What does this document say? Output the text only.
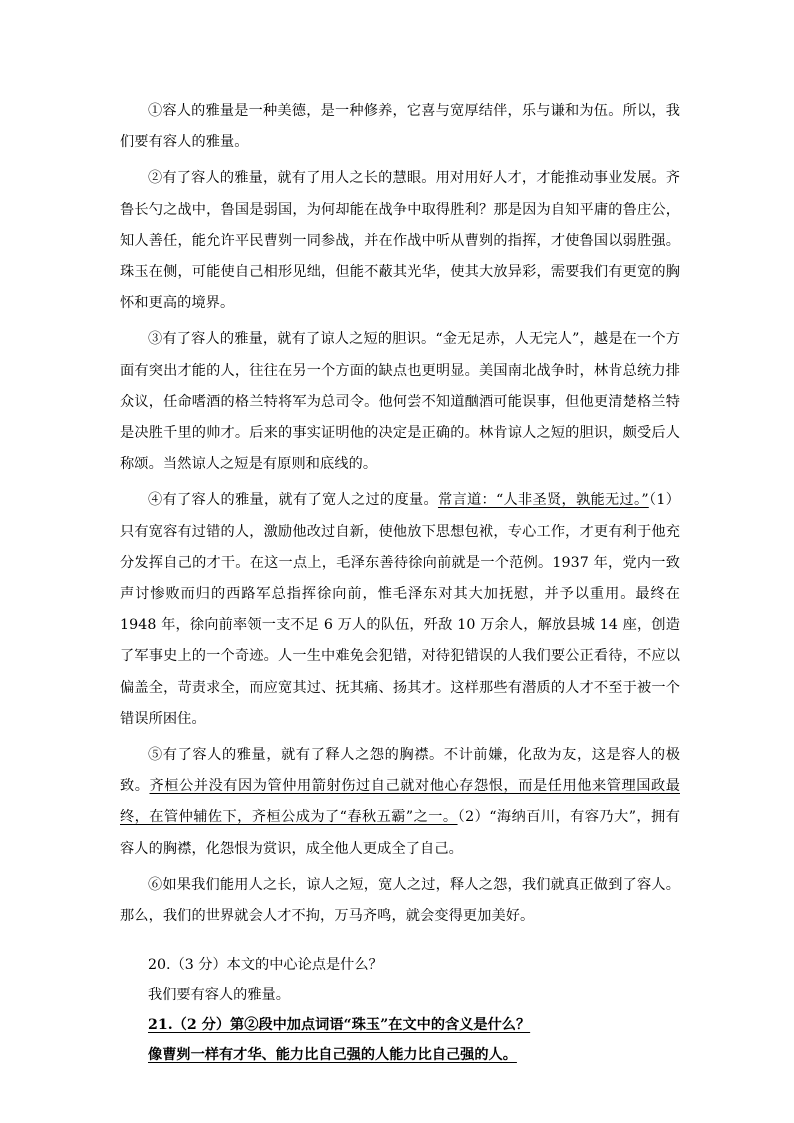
①容人的雅量是一种美德，是一种修养，它喜与宽厚结伴，乐与谦和为伍。所以，我们要有容人的雅量。

②有了容人的雅量，就有了用人之长的慧眼。用对用好人才，才能推动事业发展。齐鲁长勺之战中，鲁国是弱国，为何却能在战争中取得胜利？那是因为自知平庸的鲁庄公，知人善任，能允许平民曹刿一同参战，并在作战中听从曹刿的指挥，才使鲁国以弱胜强。珠玉在侧，可能使自己相形见绌，但能不蔽其光华，使其大放异彩，需要我们有更宽的胸怀和更高的境界。

③有了容人的雅量，就有了谅人之短的胆识。“金无足赤，人无完人”，越是在一个方面有突出才能的人，往往在另一个方面的缺点也更明显。美国南北战争时，林肯总统力排众议，任命嗜酒的格兰特将军为总司令。他何尝不知道酗酒可能误事，但他更清楚格兰特是决胜千里的帅才。后来的事实证明他的决定是正确的。林肯谅人之短的胆识，颇受后人称颂。当然谅人之短是有原则和底线的。

④有了容人的雅量，就有了宽人之过的度量。常言道：“人非圣贤，孰能无过。”（1）只有宽容有过错的人，激励他改过自新，使他放下思想包袱，专心工作，才更有利于他充分发挥自己的才干。在这一点上，毛泽东善待徐向前就是一个范例。1937 年，党内一致声讨惨败而归的西路军总指挥徐向前，惟毛泽东对其大加抚慰，并予以重用。最终在 1948 年，徐向前率领一支不足 6 万人的队伍，歼敌 10 万余人，解放县城 14 座，创造了军事史上的一个奇迹。人一生中难免会犯错，对待犯错误的人我们要公正看待，不应以偏盖全，苛责求全，而应宽其过、抚其痛、扬其才。这样那些有潜质的人才不至于被一个错误所困住。

⑤有了容人的雅量，就有了释人之怨的胸襟。不计前嫌，化敌为友，这是容人的极致。齐桓公并没有因为管仲用箭射伤过自己就对他心存怨恨，而是任用他来管理国政最终，在管仲辅佐下，齐桓公成为了“春秋五霸”之一。（2）“海纳百川，有容乃大”，拥有容人的胸襟，化怨恨为赏识，成全他人更成全了自己。

⑥如果我们能用人之长，谅人之短，宽人之过，释人之怨，我们就真正做到了容人。那么，我们的世界就会人才不拘，万马齐鸣，就会变得更加美好。

20.（3 分）本文的中心论点是什么？

我们要有容人的雅量。

21.（2 分）第②段中加点词语“珠玉”在文中的含义是什么？

像曹刿一样有才华、能力比自己强的人能力比自己强的人。
